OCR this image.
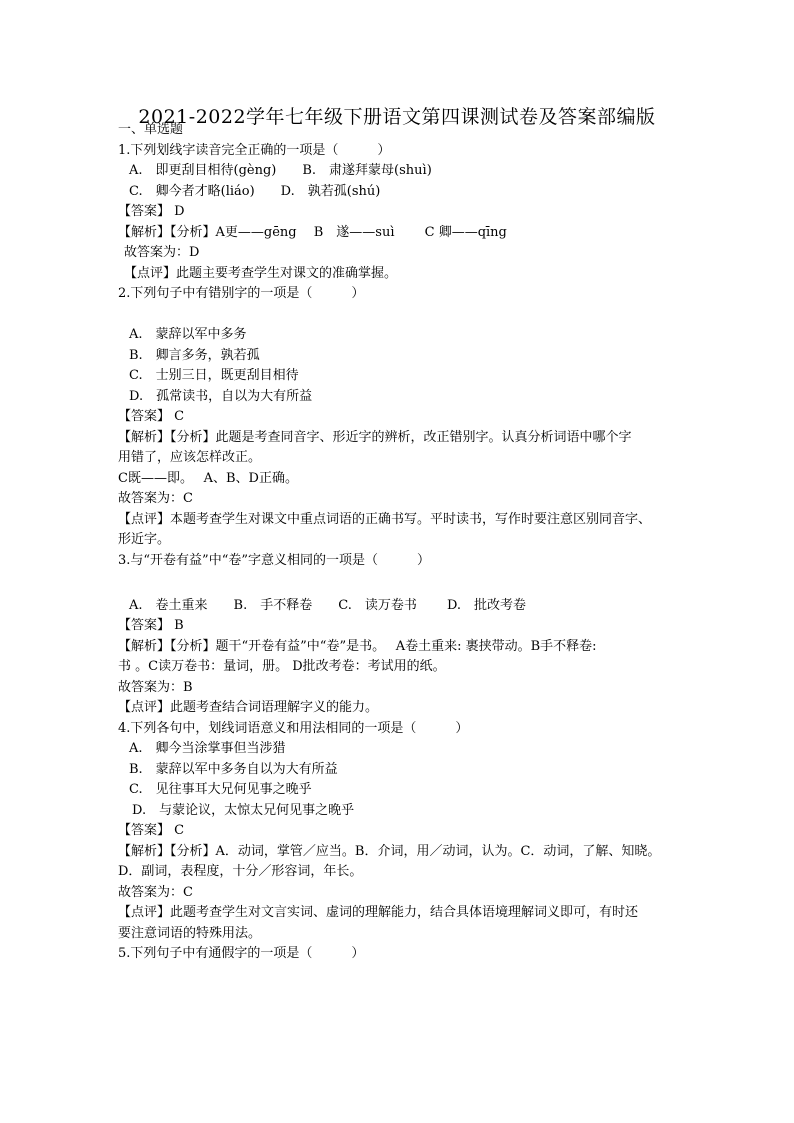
2021-2022学年七年级下册语文第四课测试卷及答案部编版
一、单选题
1.下列划线字读音完全正确的一项是（　　　）
A.　即更刮目相待(gèng)　　B.　肃遂拜蒙母(shuì)
C.　卿今者才略(liáo)　　D.　孰若孤(shú)
【答案】 D
【解析】【分析】A更——gēng　 B　遂——suì　　 C 卿——qīng
故答案为：D
【点评】此题主要考查学生对课文的准确掌握。
2.下列句子中有错别字的一项是（　　　）
A.　蒙辞以军中多务
B.　卿言多务，孰若孤
C.　士别三日，既更刮目相待
D.　孤常读书，自以为大有所益
【答案】 C
【解析】【分析】此题是考查同音字、形近字的辨析，改正错别字。认真分析词语中哪个字
用错了，应该怎样改正。
C既——即。　 A、B、D正确。
故答案为：C
【点评】本题考查学生对课文中重点词语的正确书写。平时读书，写作时要注意区别同音字、
形近字。
3.与“开卷有益”中“卷”字意义相同的一项是（　　　）
A.　卷土重来　　B.　手不释卷　　C.　读万卷书　　 D.　批改考卷
【答案】 B
【解析】【分析】题干“开卷有益”中“卷”是书。　 A卷土重来: 裹挟带动。B手不释卷:
书 。C读万卷书：量词，册。 D批改考卷：考试用的纸。
故答案为：B
【点评】此题考查结合词语理解字义的能力。
4.下列各句中，划线词语意义和用法相同的一项是（　　　）
A.　卿今当涂掌事但当涉猎
B.　蒙辞以军中多务自以为大有所益
C.　见往事耳大兄何见事之晚乎
D.　与蒙论议，太惊太兄何见事之晚乎
【答案】 C
【解析】【分析】A．动词，掌管／应当。B．介词，用／动词，认为。C．动词，了解、知晓。
D．副词，表程度，十分／形容词，年长。
故答案为：C
【点评】此题考查学生对文言实词、虚词的理解能力，结合具体语境理解词义即可，有时还
要注意词语的特殊用法。
5.下列句子中有通假字的一项是（　　　）
